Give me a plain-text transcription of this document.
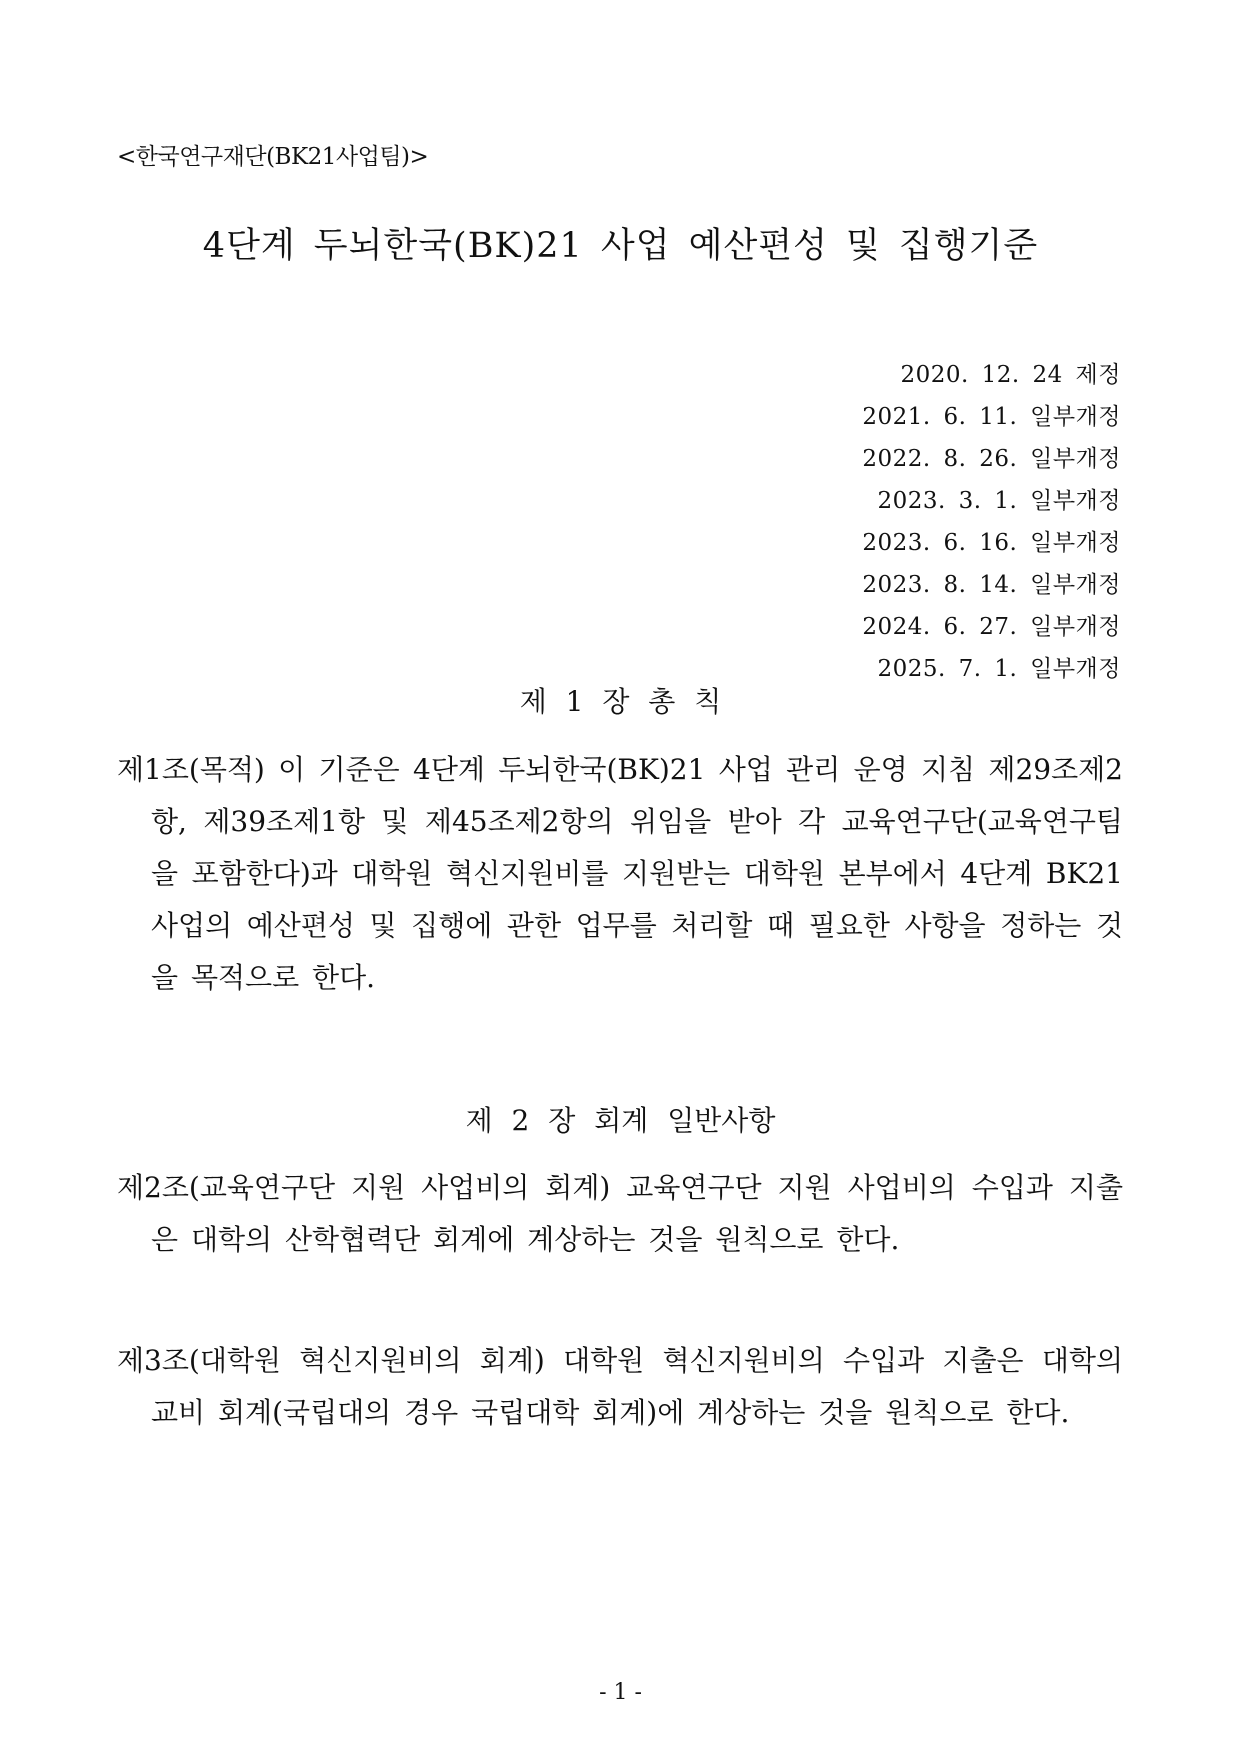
<한국연구재단(BK21사업팀)>
4단계 두뇌한국(BK)21 사업 예산편성 및 집행기준
2020. 12. 24 제정
2021. 6. 11. 일부개정
2022. 8. 26. 일부개정
2023. 3. 1. 일부개정
2023. 6. 16. 일부개정
2023. 8. 14. 일부개정
2024. 6. 27. 일부개정
2025. 7. 1. 일부개정
제 1 장 총 칙

제1조(목적) 이 기준은 4단계 두뇌한국(BK)21 사업 관리 운영 지침 제29조제2항, 제39조제1항 및 제45조제2항의 위임을 받아 각 교육연구단(교육연구팀을 포함한다)과 대학원 혁신지원비를 지원받는 대학원 본부에서 4단계 BK21 사업의 예산편성 및 집행에 관한 업무를 처리할 때 필요한 사항을 정하는 것을 목적으로 한다.

제 2 장 회계 일반사항

제2조(교육연구단 지원 사업비의 회계) 교육연구단 지원 사업비의 수입과 지출은 대학의 산학협력단 회계에 계상하는 것을 원칙으로 한다.

제3조(대학원 혁신지원비의 회계) 대학원 혁신지원비의 수입과 지출은 대학의 교비 회계(국립대의 경우 국립대학 회계)에 계상하는 것을 원칙으로 한다.

- 1 -
